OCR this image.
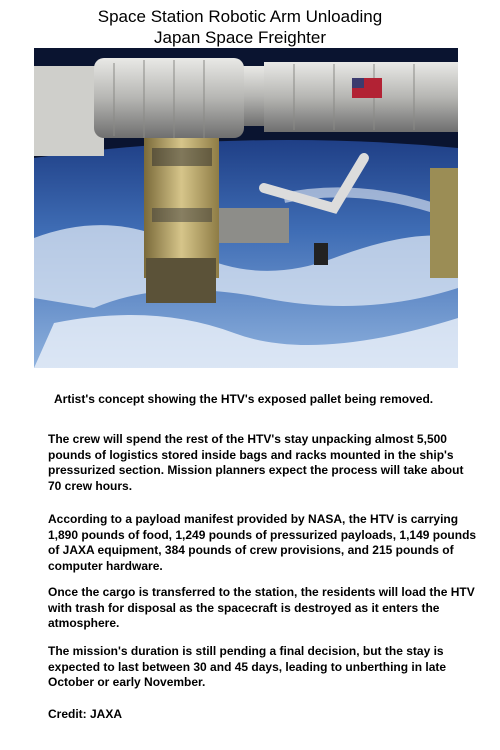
Space Station Robotic Arm Unloading
Japan Space Freighter
Artist's concept showing the HTV's exposed pallet being removed.

The crew will spend the rest of the HTV's stay unpacking almost 5,500 pounds of logistics stored inside bags and racks mounted in the ship's pressurized section. Mission planners expect the process will take about 70 crew hours.

According to a payload manifest provided by NASA, the HTV is carrying 1,890 pounds of food, 1,249 pounds of pressurized payloads, 1,149 pounds of JAXA equipment, 384 pounds of crew provisions, and 215 pounds of computer hardware.

Once the cargo is transferred to the station, the residents will load the HTV with trash for disposal as the spacecraft is destroyed as it enters the atmosphere.

The mission's duration is still pending a final decision, but the stay is expected to last between 30 and 45 days, leading to unberthing in late October or early November.

Credit: JAXA
